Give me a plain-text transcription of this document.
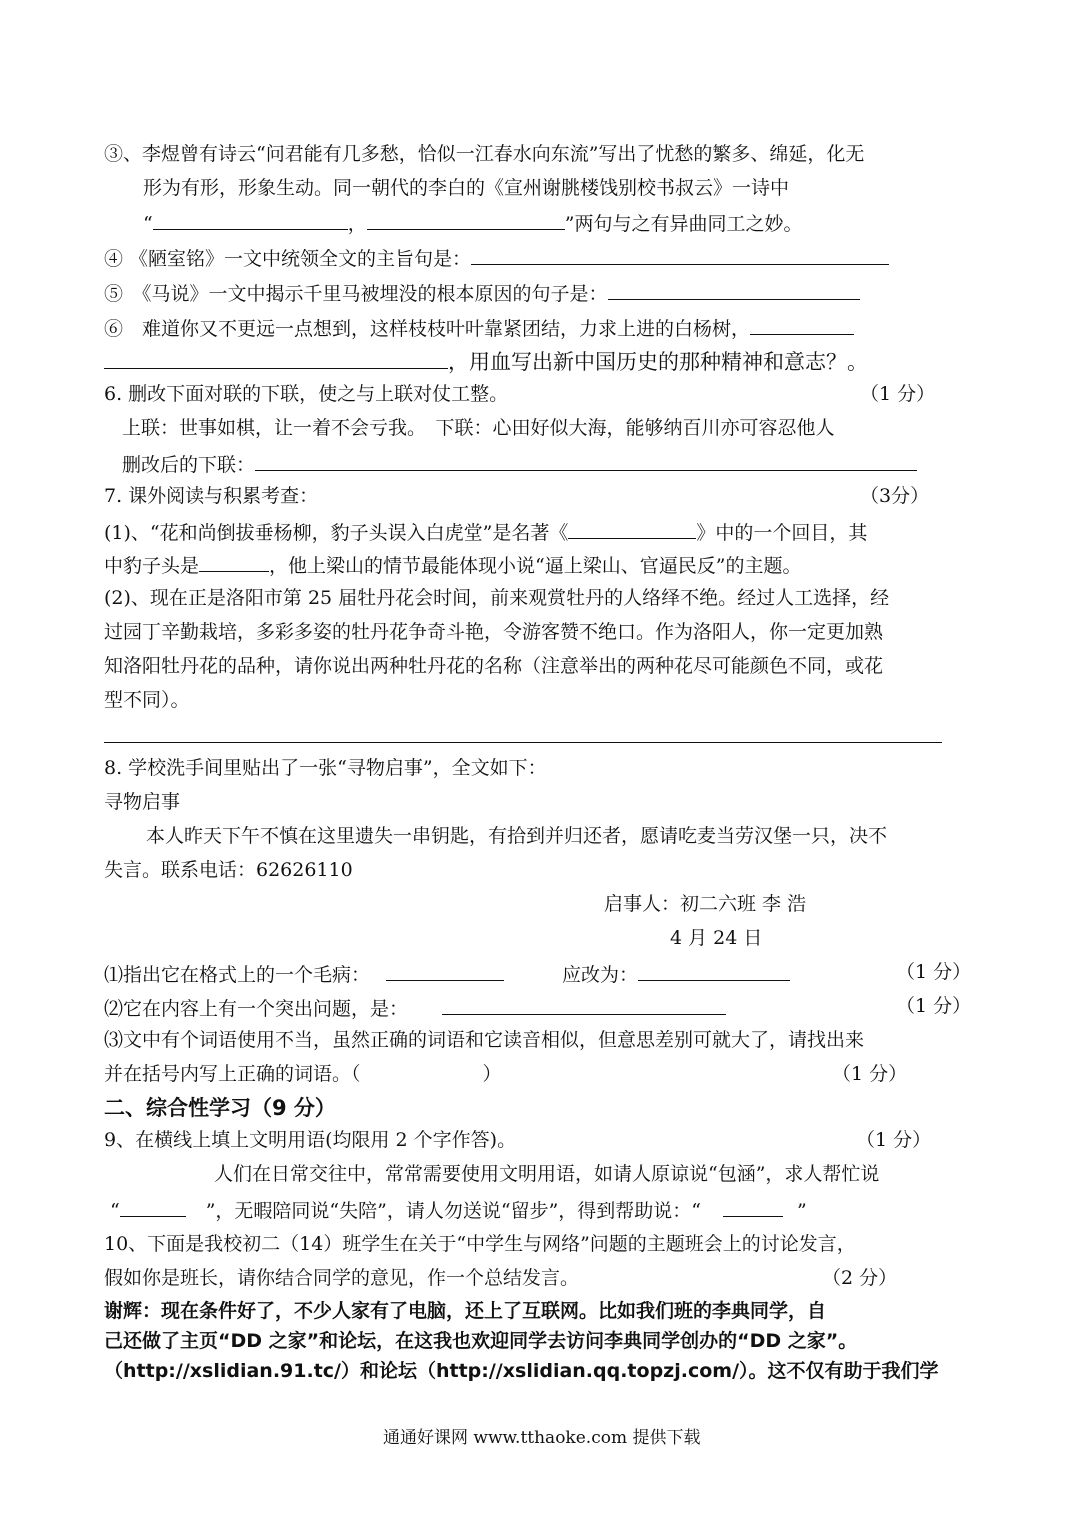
③、李煜曾有诗云“问君能有几多愁，恰似一江春水向东流”写出了忧愁的繁多、绵延，化无
形为有形，形象生动。同一朝代的李白的《宣州谢朓楼饯别校书叔云》一诗中
“	，	”两句与之有异曲同工之妙。
④ 《陋室铭》一文中统领全文的主旨句是：
⑤　《马说》一文中揭示千里马被埋没的根本原因的句子是：
⑥　难道你又不更远一点想到，这样枝枝叶叶靠紧团结，力求上进的白杨树，
，用血写出新中国历史的那种精神和意志？。
6. 删改下面对联的下联，使之与上联对仗工整。	（1 分）
上联：世事如棋，让一着不会亏我。　下联：心田好似大海，能够纳百川亦可容忍他人
删改后的下联：
7. 课外阅读与积累考查：	（3分）
(1)、“花和尚倒拔垂杨柳，豹子头误入白虎堂”是名著《	》中的一个回目，其
中豹子头是	，他上梁山的情节最能体现小说“逼上梁山、官逼民反”的主题。
(2)、现在正是洛阳市第 25 届牡丹花会时间，前来观赏牡丹的人络绎不绝。经过人工选择，经
过园丁辛勤栽培，多彩多姿的牡丹花争奇斗艳，令游客赞不绝口。作为洛阳人，你一定更加熟
知洛阳牡丹花的品种，请你说出两种牡丹花的名称（注意举出的两种花尽可能颜色不同，或花
型不同）。
8. 学校洗手间里贴出了一张“寻物启事”，全文如下：
寻物启事
本人昨天下午不慎在这里遗失一串钥匙，有拾到并归还者，愿请吃麦当劳汉堡一只，决不
失言。联系电话：62626110
启事人：初二六班 李 浩
4 月 24 日
⑴指出它在格式上的一个毛病：	应改为：	（1 分）
⑵它在内容上有一个突出问题，是：	（1 分）
⑶文中有个词语使用不当，虽然正确的词语和它读音相似，但意思差别可就大了，请找出来
并在括号内写上正确的词语。（	）	（1 分）
二、综合性学习（9 分）
9、在横线上填上文明用语(均限用 2 个字作答)。	（1 分）
人们在日常交往中，常常需要使用文明用语，如请人原谅说“包涵”，求人帮忙说
“	”，无暇陪同说“失陪”，请人勿送说“留步”，得到帮助说：“	”
10、下面是我校初二（14）班学生在关于“中学生与网络”问题的主题班会上的讨论发言，
假如你是班长，请你结合同学的意见，作一个总结发言。	（2 分）
谢辉：现在条件好了，不少人家有了电脑，还上了互联网。比如我们班的李典同学，自
己还做了主页“DD 之家”和论坛，在这我也欢迎同学去访问李典同学创办的“DD 之家”。
（http://xslidian.91.tc/）和论坛（http://xslidian.qq.topzj.com/）。这不仅有助于我们学
通通好课网 www.tthaoke.com 提供下载
